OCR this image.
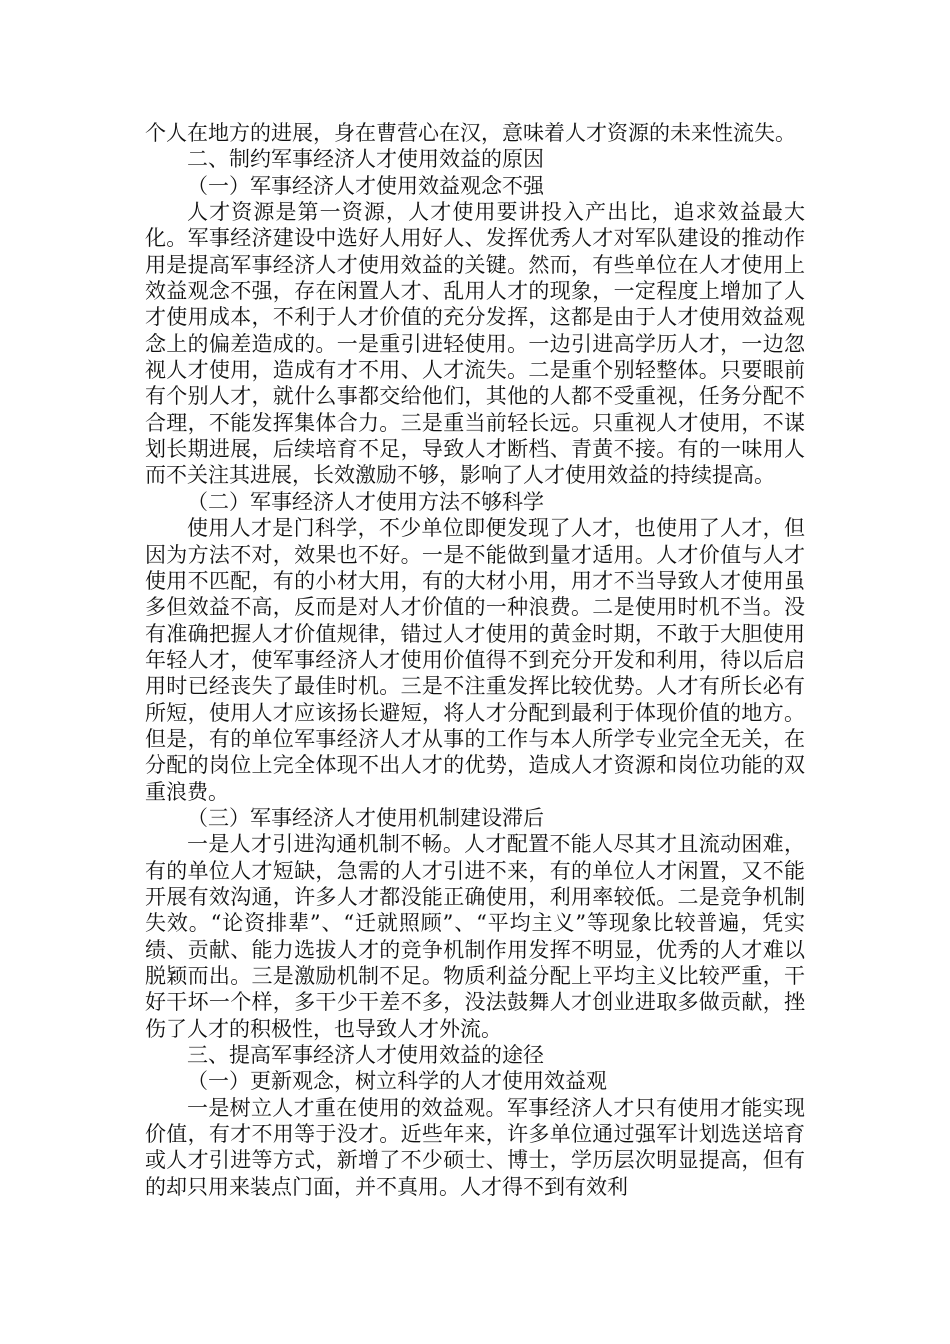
个人在地方的进展，身在曹营心在汉，意味着人才资源的未来性流失。

二、制约军事经济人才使用效益的原因

（一）军事经济人才使用效益观念不强

人才资源是第一资源，人才使用要讲投入产出比，追求效益最大化。军事经济建设中选好人用好人、发挥优秀人才对军队建设的推动作用是提高军事经济人才使用效益的关键。然而，有些单位在人才使用上效益观念不强，存在闲置人才、乱用人才的现象，一定程度上增加了人才使用成本，不利于人才价值的充分发挥，这都是由于人才使用效益观念上的偏差造成的。一是重引进轻使用。一边引进高学历人才，一边忽视人才使用，造成有才不用、人才流失。二是重个别轻整体。只要眼前有个别人才，就什么事都交给他们，其他的人都不受重视，任务分配不合理，不能发挥集体合力。三是重当前轻长远。只重视人才使用，不谋划长期进展，后续培育不足，导致人才断档、青黄不接。有的一味用人而不关注其进展，长效激励不够，影响了人才使用效益的持续提高。

（二）军事经济人才使用方法不够科学

使用人才是门科学，不少单位即便发现了人才，也使用了人才，但因为方法不对，效果也不好。一是不能做到量才适用。人才价值与人才使用不匹配，有的小材大用，有的大材小用，用才不当导致人才使用虽多但效益不高，反而是对人才价值的一种浪费。二是使用时机不当。没有准确把握人才价值规律，错过人才使用的黄金时期，不敢于大胆使用年轻人才，使军事经济人才使用价值得不到充分开发和利用，待以后启用时已经丧失了最佳时机。三是不注重发挥比较优势。人才有所长必有所短，使用人才应该扬长避短，将人才分配到最利于体现价值的地方。但是，有的单位军事经济人才从事的工作与本人所学专业完全无关，在分配的岗位上完全体现不出人才的优势，造成人才资源和岗位功能的双重浪费。

（三）军事经济人才使用机制建设滞后

一是人才引进沟通机制不畅。人才配置不能人尽其才且流动困难，有的单位人才短缺，急需的人才引进不来，有的单位人才闲置，又不能开展有效沟通，许多人才都没能正确使用，利用率较低。二是竞争机制失效。“论资排辈”、“迁就照顾”、“平均主义”等现象比较普遍，凭实绩、贡献、能力选拔人才的竞争机制作用发挥不明显，优秀的人才难以脱颖而出。三是激励机制不足。物质利益分配上平均主义比较严重，干好干坏一个样，多干少干差不多，没法鼓舞人才创业进取多做贡献，挫伤了人才的积极性，也导致人才外流。

三、提高军事经济人才使用效益的途径

（一）更新观念，树立科学的人才使用效益观

一是树立人才重在使用的效益观。军事经济人才只有使用才能实现价值，有才不用等于没才。近些年来，许多单位通过强军计划选送培育或人才引进等方式，新增了不少硕士、博士，学历层次明显提高，但有的却只用来装点门面，并不真用。人才得不到有效利
